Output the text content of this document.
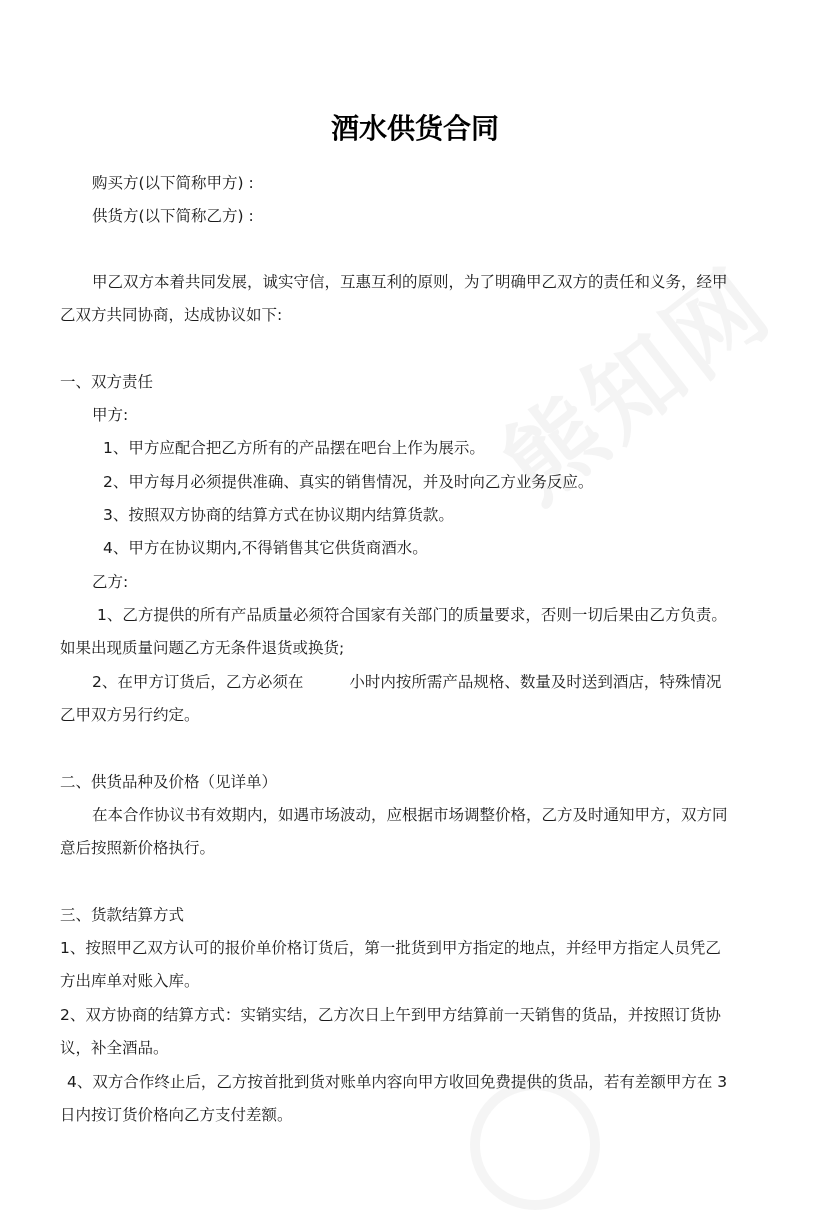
酒水供货合同
购买方(以下简称甲方) :
供货方(以下简称乙方) :
甲乙双方本着共同发展，诚实守信，互惠互利的原则，为了明确甲乙双方的责任和义务，经甲
乙双方共同协商，达成协议如下:
一、双方责任
甲方:
1、甲方应配合把乙方所有的产品摆在吧台上作为展示。
2、甲方每月必须提供准确、真实的销售情况，并及时向乙方业务反应。
3、按照双方协商的结算方式在协议期内结算货款。
4、甲方在协议期内,不得销售其它供货商酒水。
乙方:
1、乙方提供的所有产品质量必须符合国家有关部门的质量要求，否则一切后果由乙方负责。
如果出现质量问题乙方无条件退货或换货;
2、在甲方订货后，乙方必须在	小时内按所需产品规格、数量及时送到酒店，特殊情况
乙甲双方另行约定。
二、供货品种及价格（见详单）
在本合作协议书有效期内，如遇市场波动，应根据市场调整价格，乙方及时通知甲方，双方同
意后按照新价格执行。
三、货款结算方式
1、按照甲乙双方认可的报价单价格订货后，第一批货到甲方指定的地点，并经甲方指定人员凭乙
方出库单对账入库。
2、双方协商的结算方式：实销实结，乙方次日上午到甲方结算前一天销售的货品，并按照订货协
议，补全酒品。
4、双方合作终止后，乙方按首批到货对账单内容向甲方收回免费提供的货品，若有差额甲方在 3
日内按订货价格向乙方支付差额。
